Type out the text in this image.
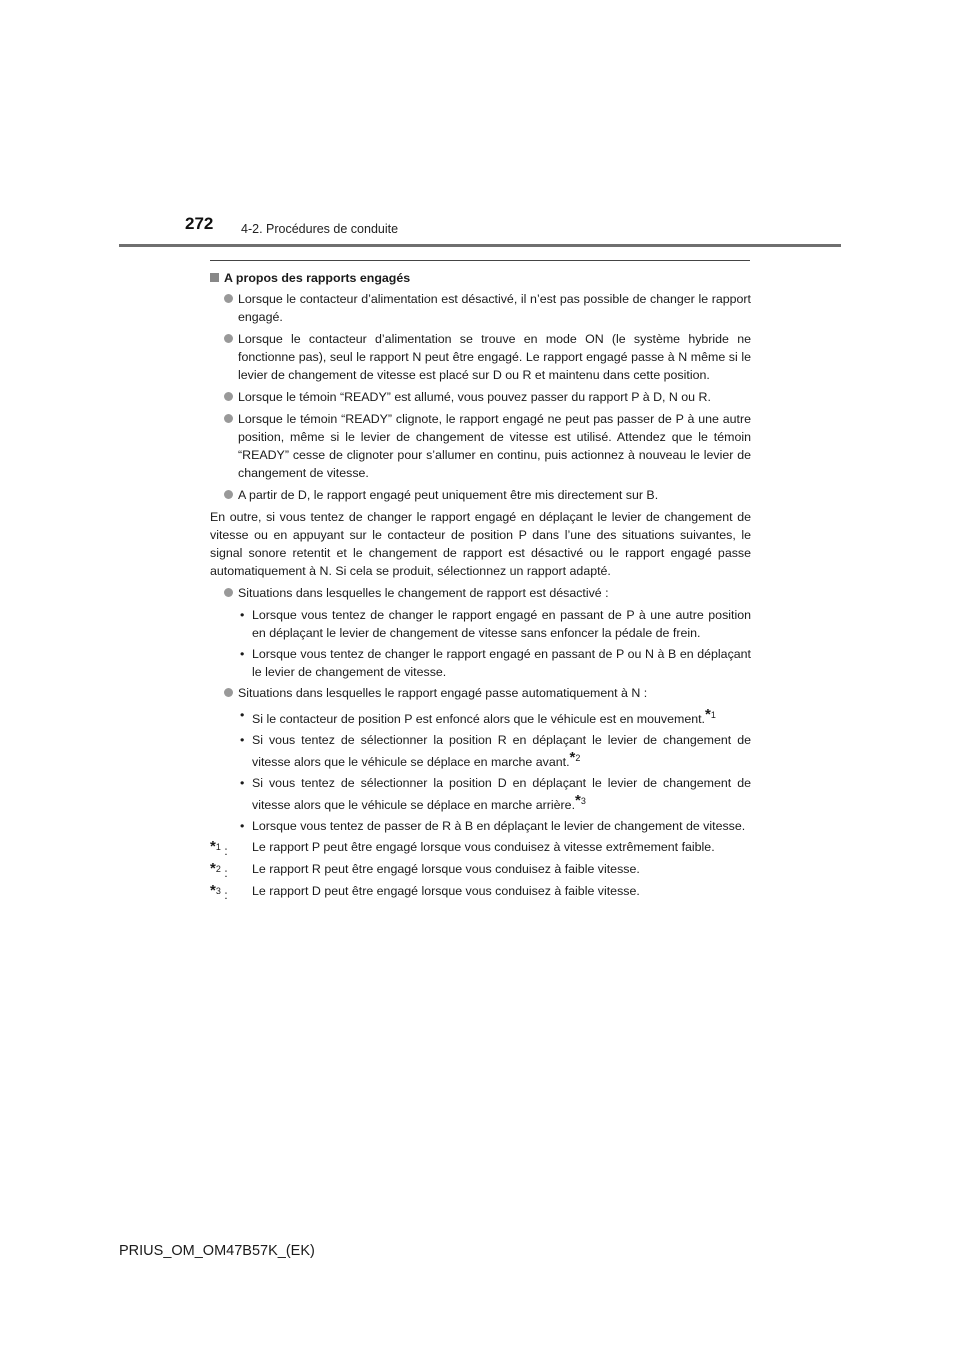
272 4-2. Procédures de conduite
A propos des rapports engagés
Lorsque le contacteur d’alimentation est désactivé, il n’est pas possible de changer le rapport engagé.
Lorsque le contacteur d’alimentation se trouve en mode ON (le système hybride ne fonctionne pas), seul le rapport N peut être engagé. Le rapport engagé passe à N même si le levier de changement de vitesse est placé sur D ou R et maintenu dans cette position.
Lorsque le témoin “READY” est allumé, vous pouvez passer du rapport P à D, N ou R.
Lorsque le témoin “READY” clignote, le rapport engagé ne peut pas passer de P à une autre position, même si le levier de changement de vitesse est utilisé. Attendez que le témoin “READY” cesse de clignoter pour s’allumer en continu, puis actionnez à nouveau le levier de changement de vitesse.
A partir de D, le rapport engagé peut uniquement être mis directement sur B.
En outre, si vous tentez de changer le rapport engagé en déplaçant le levier de changement de vitesse ou en appuyant sur le contacteur de position P dans l’une des situations suivantes, le signal sonore retentit et le changement de rapport est désactivé ou le rapport engagé passe automatiquement à N. Si cela se produit, sélectionnez un rapport adapté.
Situations dans lesquelles le changement de rapport est désactivé :
• Lorsque vous tentez de changer le rapport engagé en passant de P à une autre position en déplaçant le levier de changement de vitesse sans enfoncer la pédale de frein.
• Lorsque vous tentez de changer le rapport engagé en passant de P ou N à B en déplaçant le levier de changement de vitesse.
Situations dans lesquelles le rapport engagé passe automatiquement à N :
• Si le contacteur de position P est enfoncé alors que le véhicule est en mouvement.*$^1$
• Si vous tentez de sélectionner la position R en déplaçant le levier de changement de vitesse alors que le véhicule se déplace en marche avant.*$^2$
• Si vous tentez de sélectionner la position D en déplaçant le levier de changement de vitesse alors que le véhicule se déplace en marche arrière.*$^3$
• Lorsque vous tentez de passer de R à B en déplaçant le levier de changement de vitesse.
*$^1$ : Le rapport P peut être engagé lorsque vous conduisez à vitesse extrêmement faible.
*$^2$ : Le rapport R peut être engagé lorsque vous conduisez à faible vitesse.
*$^3$ : Le rapport D peut être engagé lorsque vous conduisez à faible vitesse.
PRIUS_OM_OM47B57K_(EK)
